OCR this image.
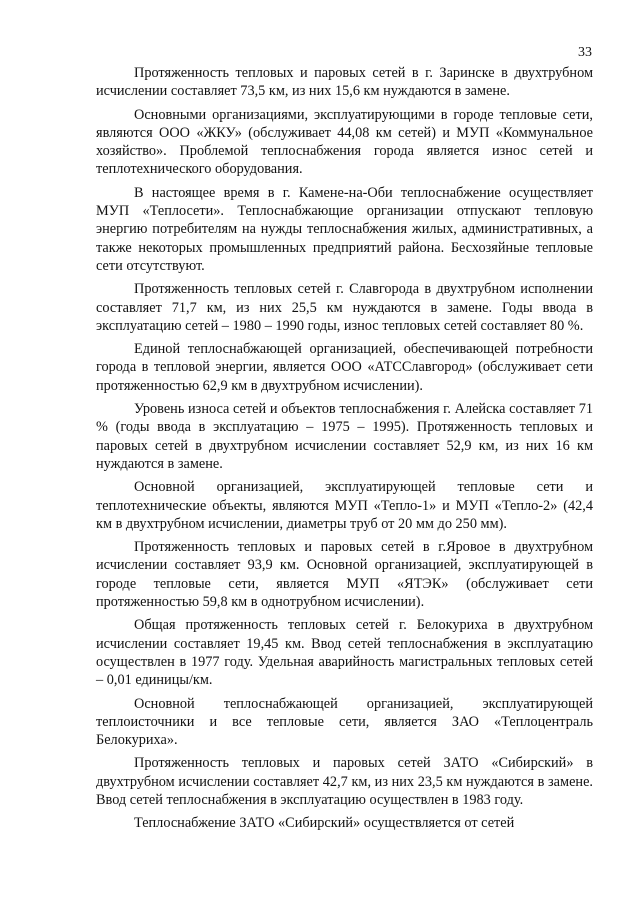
33

Протяженность тепловых и паровых сетей в г. Заринске в двухтрубном исчислении составляет 73,5 км, из них 15,6 км нуждаются в замене.

Основными организациями, эксплуатирующими в городе тепловые сети, являются ООО «ЖКУ» (обслуживает 44,08 км сетей) и МУП «Коммунальное хозяйство». Проблемой теплоснабжения города является износ сетей и теплотехнического оборудования.

В настоящее время в г. Камене-на-Оби теплоснабжение осуществляет МУП «Теплосети». Теплоснабжающие организации отпускают тепловую энергию потребителям на нужды теплоснабжения жилых, административных, а также некоторых промышленных предприятий района. Бесхозяйные тепловые сети отсутствуют.

Протяженность тепловых сетей г. Славгорода в двухтрубном исполнении составляет 71,7 км, из них 25,5 км нуждаются в замене. Годы ввода в эксплуатацию сетей – 1980 – 1990 годы, износ тепловых сетей составляет 80 %.

Единой теплоснабжающей организацией, обеспечивающей потребности города в тепловой энергии, является ООО «АТССлавгород» (обслуживает сети протяженностью 62,9 км в двухтрубном исчислении).

Уровень износа сетей и объектов теплоснабжения г. Алейска составляет 71 % (годы ввода в эксплуатацию – 1975 – 1995). Протяженность тепловых и паровых сетей в двухтрубном исчислении составляет 52,9 км, из них 16 км нуждаются в замене.

Основной организацией, эксплуатирующей тепловые сети и теплотехнические объекты, являются МУП «Тепло-1» и МУП «Тепло-2» (42,4 км в двухтрубном исчислении, диаметры труб от 20 мм до 250 мм).

Протяженность тепловых и паровых сетей в г.Яровое в двухтрубном исчислении составляет 93,9 км. Основной организацией, эксплуатирующей в городе тепловые сети, является МУП «ЯТЭК» (обслуживает сети протяженностью 59,8 км в однотрубном исчислении).

Общая протяженность тепловых сетей г. Белокуриха в двухтрубном исчислении составляет 19,45 км. Ввод сетей теплоснабжения в эксплуатацию осуществлен в 1977 году. Удельная аварийность магистральных тепловых сетей – 0,01 единицы/км.

Основной теплоснабжающей организацией, эксплуатирующей теплоисточники и все тепловые сети, является ЗАО «Теплоцентраль Белокуриха».

Протяженность тепловых и паровых сетей ЗАТО «Сибирский» в двухтрубном исчислении составляет 42,7 км, из них 23,5 км нуждаются в замене. Ввод сетей теплоснабжения в эксплуатацию осуществлен в 1983 году.

Теплоснабжение ЗАТО «Сибирский» осуществляется от сетей
